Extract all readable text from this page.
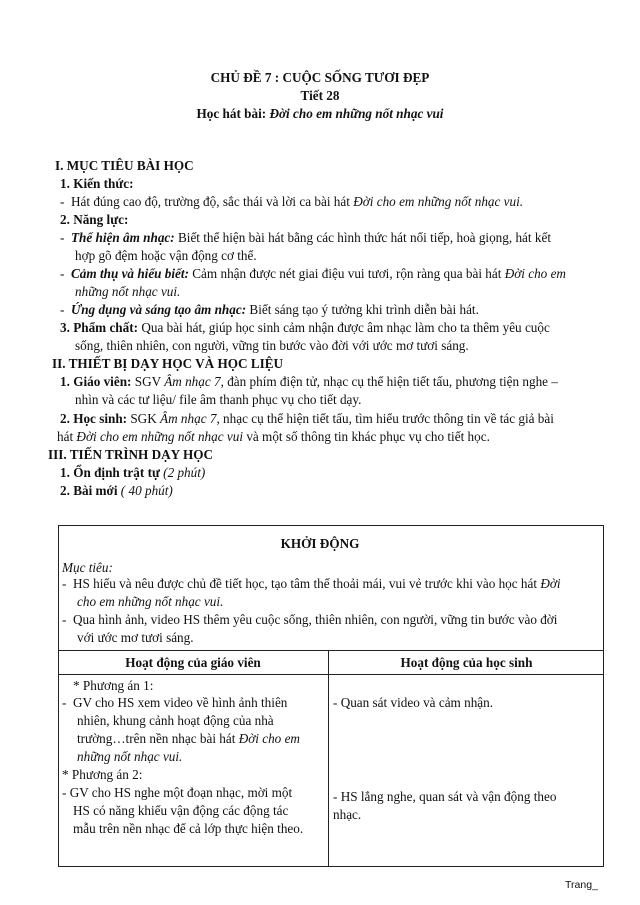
CHỦ ĐỀ 7 : CUỘC SỐNG TƯƠI ĐẸP
Tiết 28
Học hát bài: Đời cho em những nốt nhạc vui
I. MỤC TIÊU BÀI HỌC
1. Kiến thức:
-  Hát đúng cao độ, trường độ, sắc thái và lời ca bài hát Đời cho em những nốt nhạc vui.
2. Năng lực:
-  Thể hiện âm nhạc: Biết thể hiện bài hát bằng các hình thức hát nối tiếp, hoà giọng, hát kết
hợp gõ đệm hoặc vận động cơ thể.
-  Cảm thụ và hiểu biết: Cảm nhận được nét giai điệu vui tươi, rộn ràng qua bài hát Đời cho em
những nốt nhạc vui.
-  Ứng dụng và sáng tạo âm nhạc: Biết sáng tạo ý tưởng khi trình diễn bài hát.
3. Phẩm chất: Qua bài hát, giúp học sinh cảm nhận được âm nhạc làm cho ta thêm yêu cuộc
sống, thiên nhiên, con người, vững tin bước vào đời với ước mơ tươi sáng.
II. THIẾT BỊ DẠY HỌC VÀ HỌC LIỆU
1. Giáo viên: SGV Âm nhạc 7, đàn phím điện tử, nhạc cụ thể hiện tiết tấu, phương tiện nghe –
nhìn và các tư liệu/ file âm thanh phục vụ cho tiết dạy.
2. Học sinh: SGK Âm nhạc 7, nhạc cụ thể hiện tiết tấu, tìm hiểu trước thông tin về tác giả bài
hát Đời cho em những nốt nhạc vui và một số thông tin khác phục vụ cho tiết học.
III. TIẾN TRÌNH DẠY HỌC
1. Ổn định trật tự (2 phút)
2. Bài mới ( 40 phút)
KHỞI ĐỘNG
Mục tiêu:
-  HS hiểu và nêu được chủ đề tiết học, tạo tâm thế thoải mái, vui vẻ trước khi vào học hát Đời
cho em những nốt nhạc vui.
-  Qua hình ảnh, video HS thêm yêu cuộc sống, thiên nhiên, con người, vững tin bước vào đời
với ước mơ tươi sáng.
Hoạt động của giáo viên	Hoạt động của học sinh
* Phương án 1:
-  GV cho HS xem video về hình ảnh thiên
nhiên, khung cảnh hoạt động của nhà
trường…trên nền nhạc bài hát Đời cho em
những nốt nhạc vui.
* Phương án 2:
- GV cho HS nghe một đoạn nhạc, mời một
HS có năng khiếu vận động các động tác
mẫu trên nền nhạc để cả lớp thực hiện theo.
- Quan sát video và cảm nhận.
- HS lắng nghe, quan sát và vận động theo
nhạc.
Trang_
